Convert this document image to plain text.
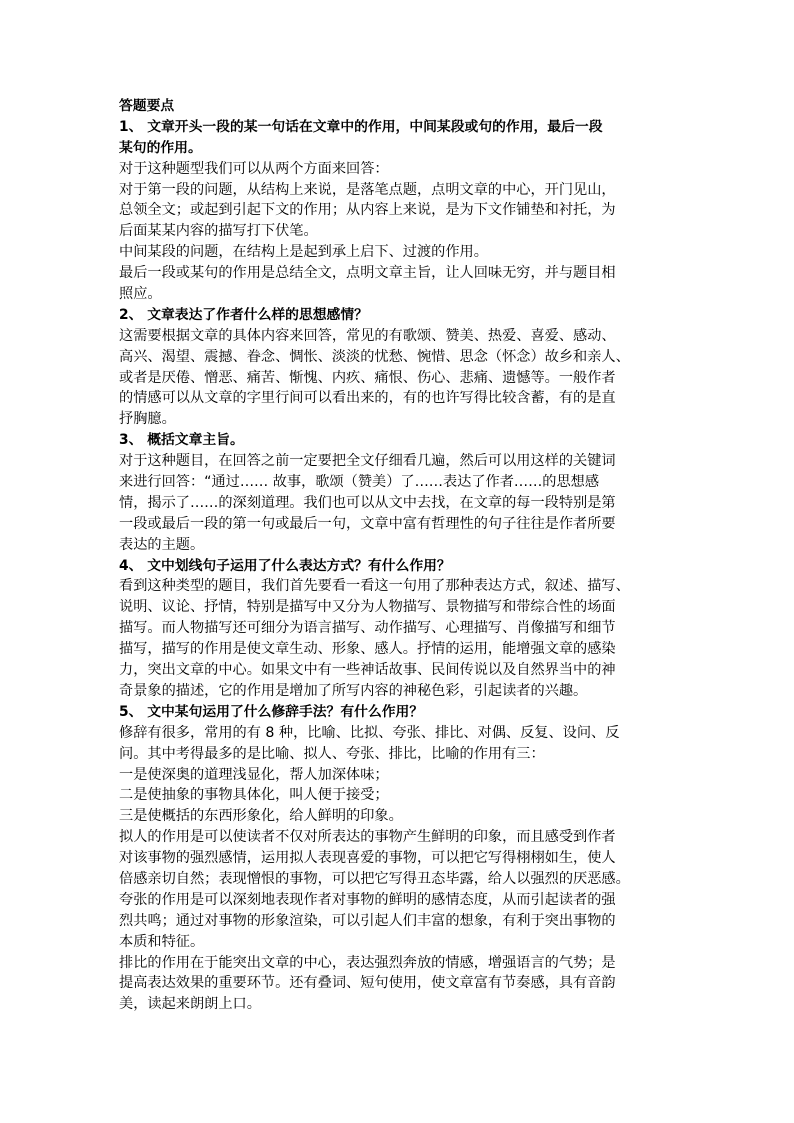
答题要点
1、 文章开头一段的某一句话在文章中的作用，中间某段或句的作用，最后一段
某句的作用。
对于这种题型我们可以从两个方面来回答：
对于第一段的问题，从结构上来说，是落笔点题，点明文章的中心，开门见山，
总领全文；或起到引起下文的作用；从内容上来说，是为下文作铺垫和衬托，为
后面某某内容的描写打下伏笔。
中间某段的问题，在结构上是起到承上启下、过渡的作用。
最后一段或某句的作用是总结全文，点明文章主旨，让人回味无穷，并与题目相
照应。
2、 文章表达了作者什么样的思想感情？
这需要根据文章的具体内容来回答，常见的有歌颂、赞美、热爱、喜爱、感动、
高兴、渴望、震撼、眷念、惆怅、淡淡的忧愁、惋惜、思念（怀念）故乡和亲人、
或者是厌倦、憎恶、痛苦、惭愧、内疚、痛恨、伤心、悲痛、遗憾等。一般作者
的情感可以从文章的字里行间可以看出来的，有的也许写得比较含蓄，有的是直
抒胸臆。
3、 概括文章主旨。
对于这种题目，在回答之前一定要把全文仔细看几遍，然后可以用这样的关键词
来进行回答：“通过…… 故事，歌颂（赞美）了……表达了作者……的思想感
情，揭示了……的深刻道理。我们也可以从文中去找，在文章的每一段特别是第
一段或最后一段的第一句或最后一句，文章中富有哲理性的句子往往是作者所要
表达的主题。
4、 文中划线句子运用了什么表达方式？有什么作用？
看到这种类型的题目，我们首先要看一看这一句用了那种表达方式，叙述、描写、
说明、议论、抒情，特别是描写中又分为人物描写、景物描写和带综合性的场面
描写。而人物描写还可细分为语言描写、动作描写、心理描写、肖像描写和细节
描写，描写的作用是使文章生动、形象、感人。抒情的运用，能增强文章的感染
力，突出文章的中心。如果文中有一些神话故事、民间传说以及自然界当中的神
奇景象的描述，它的作用是增加了所写内容的神秘色彩，引起读者的兴趣。
5、 文中某句运用了什么修辞手法？有什么作用？
修辞有很多，常用的有 8 种，比喻、比拟、夸张、排比、对偶、反复、设问、反
问。其中考得最多的是比喻、拟人、夸张、排比，比喻的作用有三：
一是使深奥的道理浅显化，帮人加深体味；
二是使抽象的事物具体化，叫人便于接受；
三是使概括的东西形象化，给人鲜明的印象。
拟人的作用是可以使读者不仅对所表达的事物产生鲜明的印象，而且感受到作者
对该事物的强烈感情，运用拟人表现喜爱的事物，可以把它写得栩栩如生，使人
倍感亲切自然；表现憎恨的事物，可以把它写得丑态毕露，给人以强烈的厌恶感。
夸张的作用是可以深刻地表现作者对事物的鲜明的感情态度，从而引起读者的强
烈共鸣；通过对事物的形象渲染，可以引起人们丰富的想象，有利于突出事物的
本质和特征。
排比的作用在于能突出文章的中心，表达强烈奔放的情感，增强语言的气势；是
提高表达效果的重要环节。还有叠词、短句使用，使文章富有节奏感，具有音韵
美，读起来朗朗上口。
